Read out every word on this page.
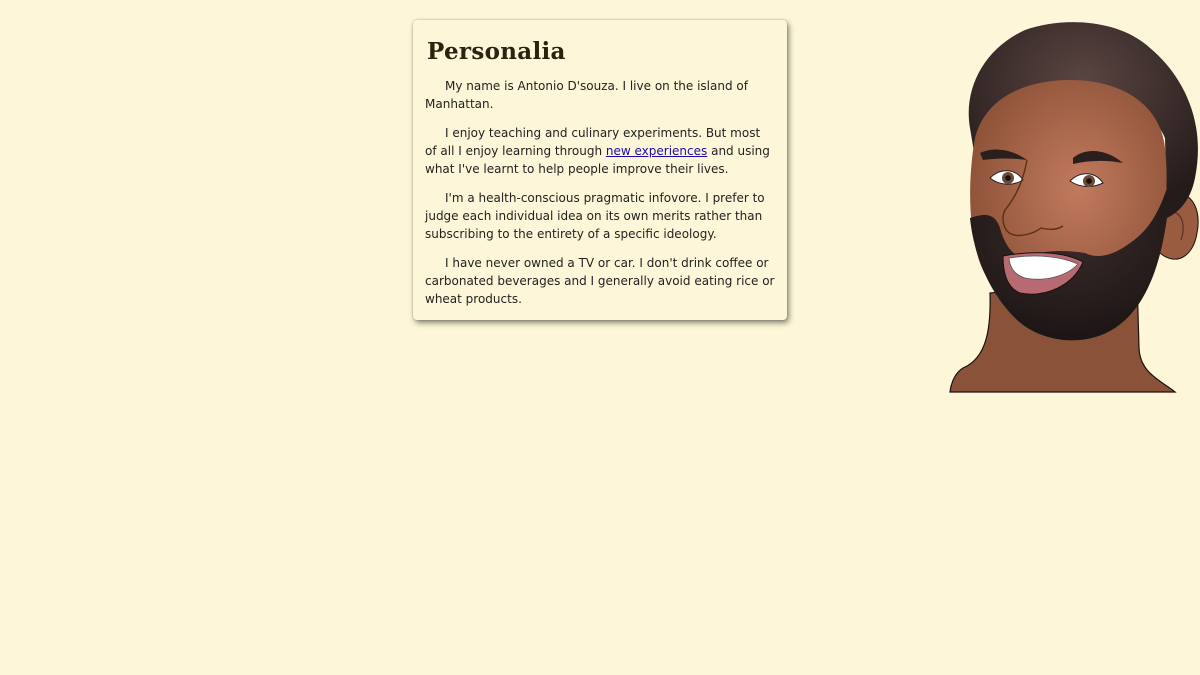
Personalia

My name is Antonio D'souza. I live on the island of Manhattan.

I enjoy teaching and culinary experiments. But most of all I enjoy learning through new experiences and using what I've learnt to help people improve their lives.

I'm a health-conscious pragmatic infovore. I prefer to judge each individual idea on its own merits rather than subscribing to the entirety of a specific ideology.

I have never owned a TV or car. I don't drink coffee or carbonated beverages and I generally avoid eating rice or wheat products.
